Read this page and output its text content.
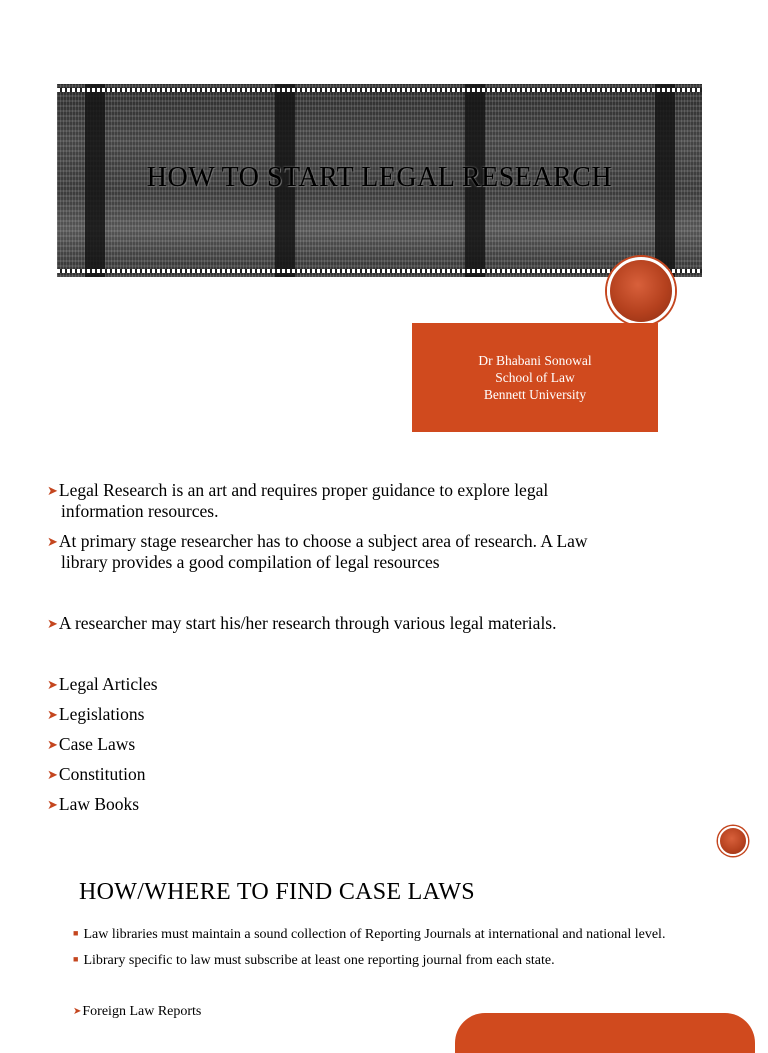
HOW TO START LEGAL RESEARCH
Dr Bhabani Sonowal
School of Law
Bennett University
➤Legal Research is an art and requires proper guidance to explore legal
information resources.
➤At primary stage researcher has to choose a subject area of research. A Law
library provides a good compilation of legal resources
➤A researcher may start his/her research through various legal materials.
➤Legal Articles
➤Legislations
➤Case Laws
➤Constitution
➤Law Books
HOW/WHERE TO FIND CASE LAWS
■ Law libraries must maintain a sound collection of Reporting Journals at international and national level.
■ Library specific to law must subscribe at least one reporting journal from each state.
➤Foreign Law Reports
